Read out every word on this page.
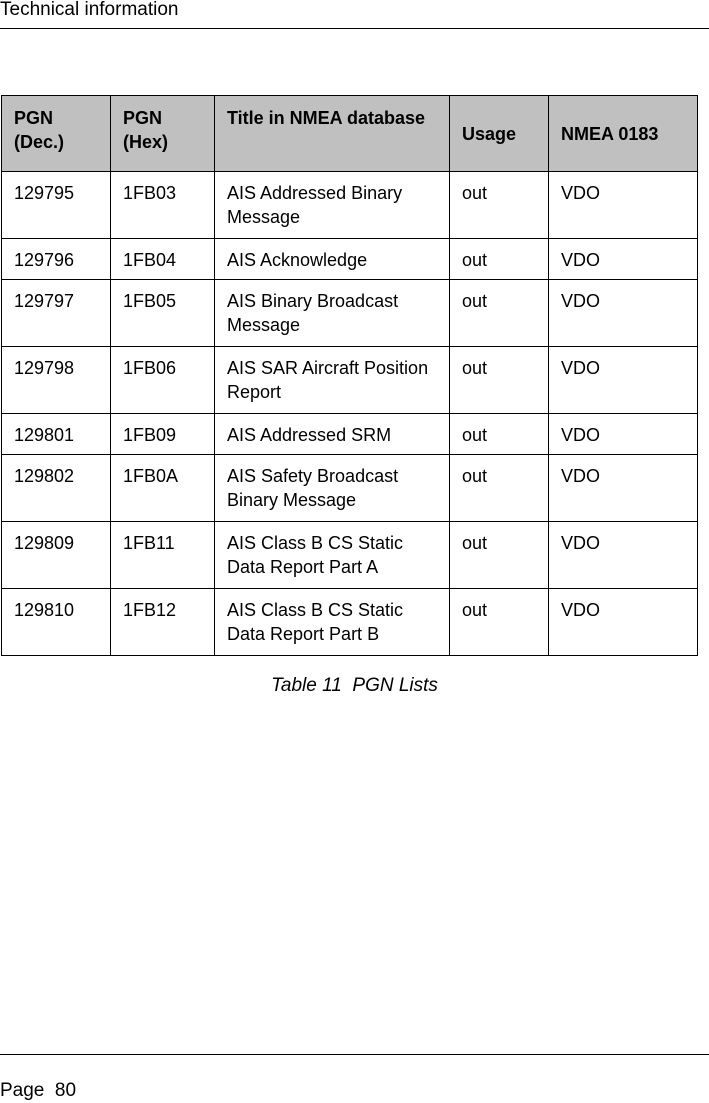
Technical information
PGN (Dec.)	PGN (Hex)	Title in NMEA database	Usage	NMEA 0183
129795	1FB03	AIS Addressed Binary Message	out	VDO
129796	1FB04	AIS Acknowledge	out	VDO
129797	1FB05	AIS Binary Broadcast Message	out	VDO
129798	1FB06	AIS SAR Aircraft Position Report	out	VDO
129801	1FB09	AIS Addressed SRM	out	VDO
129802	1FB0A	AIS Safety Broadcast Binary Message	out	VDO
129809	1FB11	AIS Class B CS Static Data Report Part A	out	VDO
129810	1FB12	AIS Class B CS Static Data Report Part B	out	VDO
Table 11  PGN Lists
Page  80
